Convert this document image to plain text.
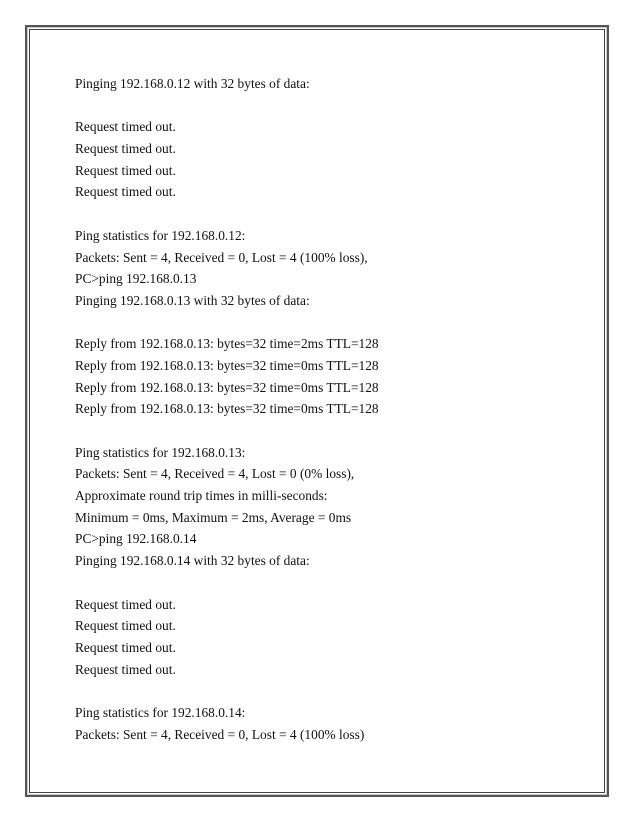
Pinging 192.168.0.12 with 32 bytes of data:
Request timed out.
Request timed out.
Request timed out.
Request timed out.
Ping statistics for 192.168.0.12:
Packets: Sent = 4, Received = 0, Lost = 4 (100% loss),
PC>ping 192.168.0.13
Pinging 192.168.0.13 with 32 bytes of data:
Reply from 192.168.0.13: bytes=32 time=2ms TTL=128
Reply from 192.168.0.13: bytes=32 time=0ms TTL=128
Reply from 192.168.0.13: bytes=32 time=0ms TTL=128
Reply from 192.168.0.13: bytes=32 time=0ms TTL=128
Ping statistics for 192.168.0.13:
Packets: Sent = 4, Received = 4, Lost = 0 (0% loss),
Approximate round trip times in milli-seconds:
Minimum = 0ms, Maximum = 2ms, Average = 0ms
PC>ping 192.168.0.14
Pinging 192.168.0.14 with 32 bytes of data:
Request timed out.
Request timed out.
Request timed out.
Request timed out.
Ping statistics for 192.168.0.14:
Packets: Sent = 4, Received = 0, Lost = 4 (100% loss)
